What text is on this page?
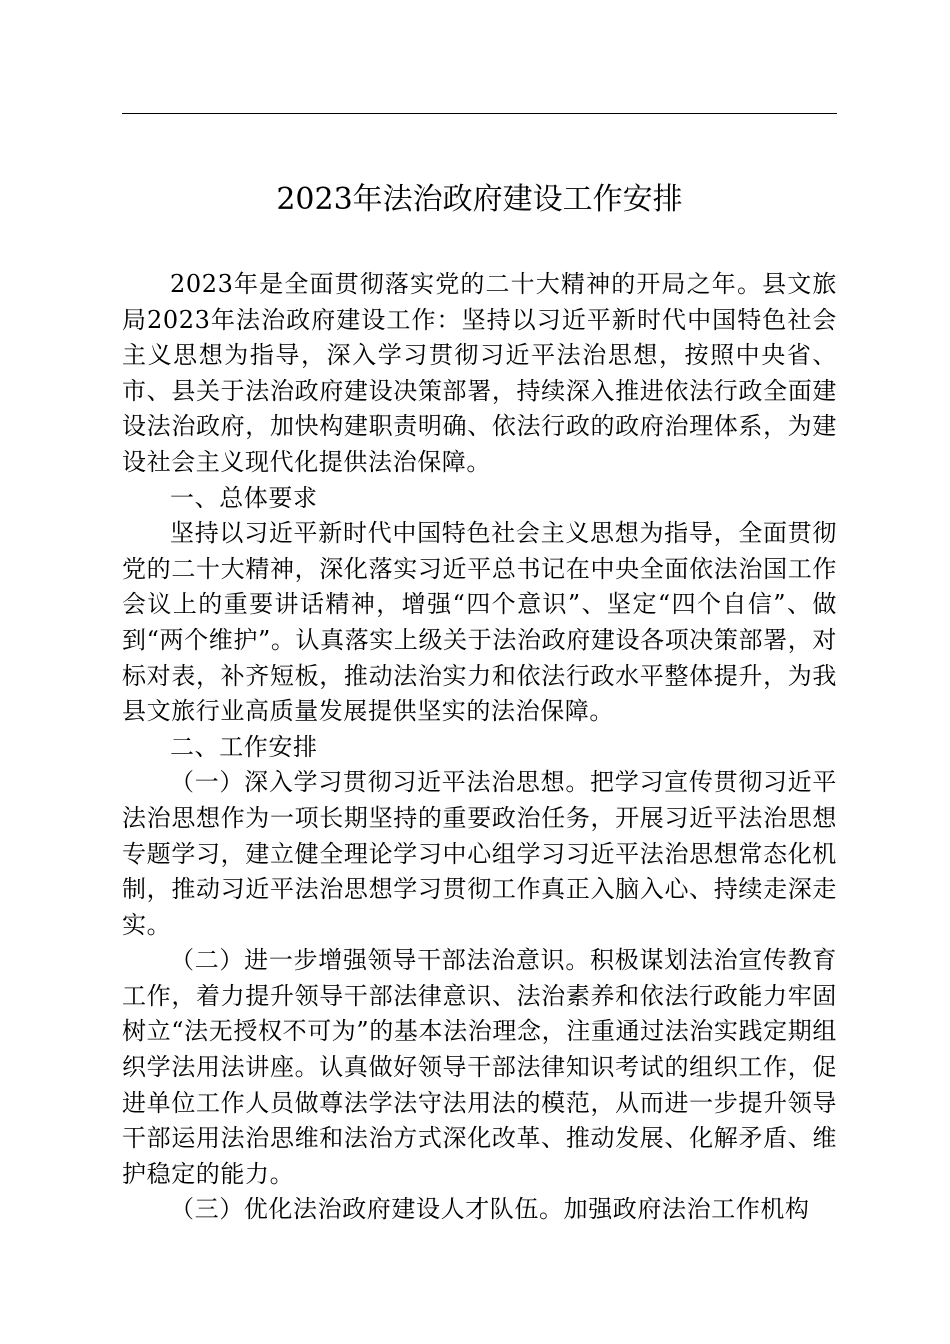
2023年法治政府建设工作安排

2023年是全面贯彻落实党的二十大精神的开局之年。县文旅局2023年法治政府建设工作：坚持以习近平新时代中国特色社会主义思想为指导，深入学习贯彻习近平法治思想，按照中央省、市、县关于法治政府建设决策部署，持续深入推进依法行政全面建设法治政府，加快构建职责明确、依法行政的政府治理体系，为建设社会主义现代化提供法治保障。

一、总体要求

坚持以习近平新时代中国特色社会主义思想为指导，全面贯彻党的二十大精神，深化落实习近平总书记在中央全面依法治国工作会议上的重要讲话精神，增强“四个意识”、坚定“四个自信”、做到“两个维护”。认真落实上级关于法治政府建设各项决策部署，对标对表，补齐短板，推动法治实力和依法行政水平整体提升，为我县文旅行业高质量发展提供坚实的法治保障。

二、工作安排

（一）深入学习贯彻习近平法治思想。把学习宣传贯彻习近平法治思想作为一项长期坚持的重要政治任务，开展习近平法治思想专题学习，建立健全理论学习中心组学习习近平法治思想常态化机制，推动习近平法治思想学习贯彻工作真正入脑入心、持续走深走实。

（二）进一步增强领导干部法治意识。积极谋划法治宣传教育工作，着力提升领导干部法律意识、法治素养和依法行政能力牢固树立“法无授权不可为”的基本法治理念，注重通过法治实践定期组织学法用法讲座。认真做好领导干部法律知识考试的组织工作，促进单位工作人员做尊法学法守法用法的模范，从而进一步提升领导干部运用法治思维和法治方式深化改革、推动发展、化解矛盾、维护稳定的能力。

（三）优化法治政府建设人才队伍。加强政府法治工作机构
